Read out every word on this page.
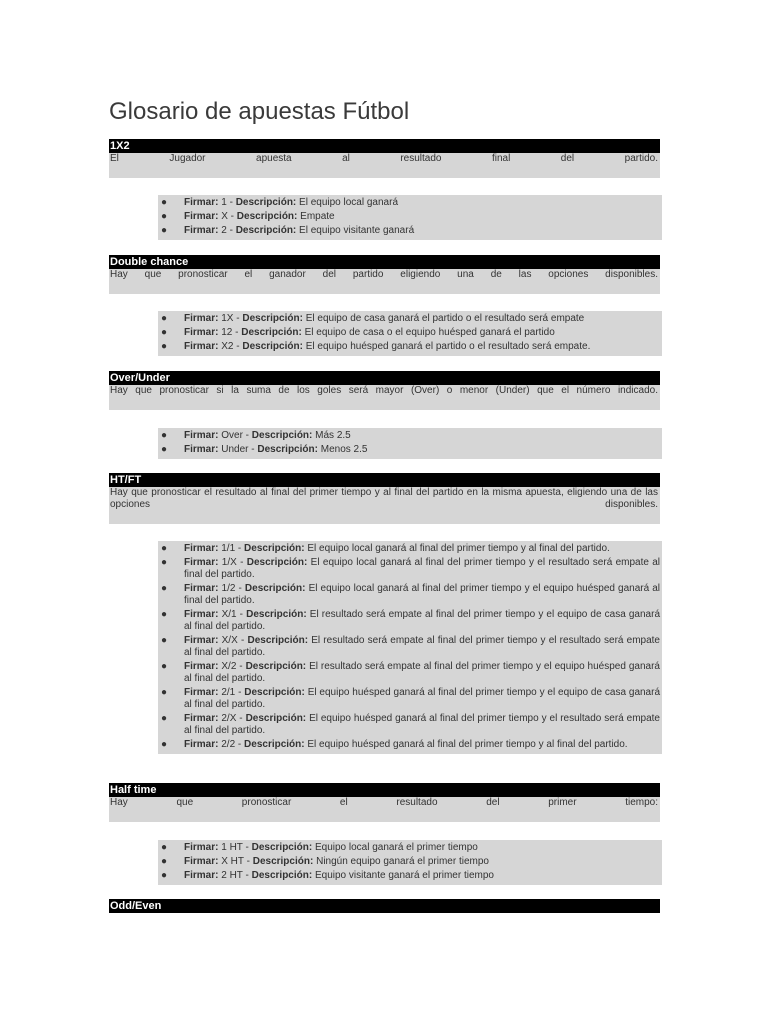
Glosario de apuestas Fútbol
1X2
El Jugador apuesta al resultado final del partido.
● Firmar: 1 - Descripción: El equipo local ganará
● Firmar: X - Descripción: Empate
● Firmar: 2 - Descripción: El equipo visitante ganará
Double chance
Hay que pronosticar el ganador del partido eligiendo una de las opciones disponibles.
● Firmar: 1X - Descripción: El equipo de casa ganará el partido o el resultado será empate
● Firmar: 12 - Descripción: El equipo de casa o el equipo huésped ganará el partido
● Firmar: X2 - Descripción: El equipo huésped ganará el partido o el resultado será empate.
Over/Under
Hay que pronosticar si la suma de los goles será mayor (Over) o menor (Under) que el número indicado.
● Firmar: Over - Descripción: Más 2.5
● Firmar: Under - Descripción: Menos 2.5
HT/FT
Hay que pronosticar el resultado al final del primer tiempo y al final del partido en la misma apuesta, eligiendo una de las opciones disponibles.
● Firmar: 1/1 - Descripción: El equipo local ganará al final del primer tiempo y al final del partido.
● Firmar: 1/X - Descripción: El equipo local ganará al final del primer tiempo y el resultado será empate al final del partido.
● Firmar: 1/2 - Descripción: El equipo local ganará al final del primer tiempo y el equipo huésped ganará al final del partido.
● Firmar: X/1 - Descripción: El resultado será empate al final del primer tiempo y el equipo de casa ganará al final del partido.
● Firmar: X/X - Descripción: El resultado será empate al final del primer tiempo y el resultado será empate al final del partido.
● Firmar: X/2 - Descripción: El resultado será empate al final del primer tiempo y el equipo huésped ganará al final del partido.
● Firmar: 2/1 - Descripción: El equipo huésped ganará al final del primer tiempo y el equipo de casa ganará al final del partido.
● Firmar: 2/X - Descripción: El equipo huésped ganará al final del primer tiempo y el resultado será empate al final del partido.
● Firmar: 2/2 - Descripción: El equipo huésped ganará al final del primer tiempo y al final del partido.
Half time
Hay que pronosticar el resultado del primer tiempo:
● Firmar: 1 HT - Descripción: Equipo local ganará el primer tiempo
● Firmar: X HT - Descripción: Ningún equipo ganará el primer tiempo
● Firmar: 2 HT - Descripción: Equipo visitante ganará el primer tiempo
Odd/Even
